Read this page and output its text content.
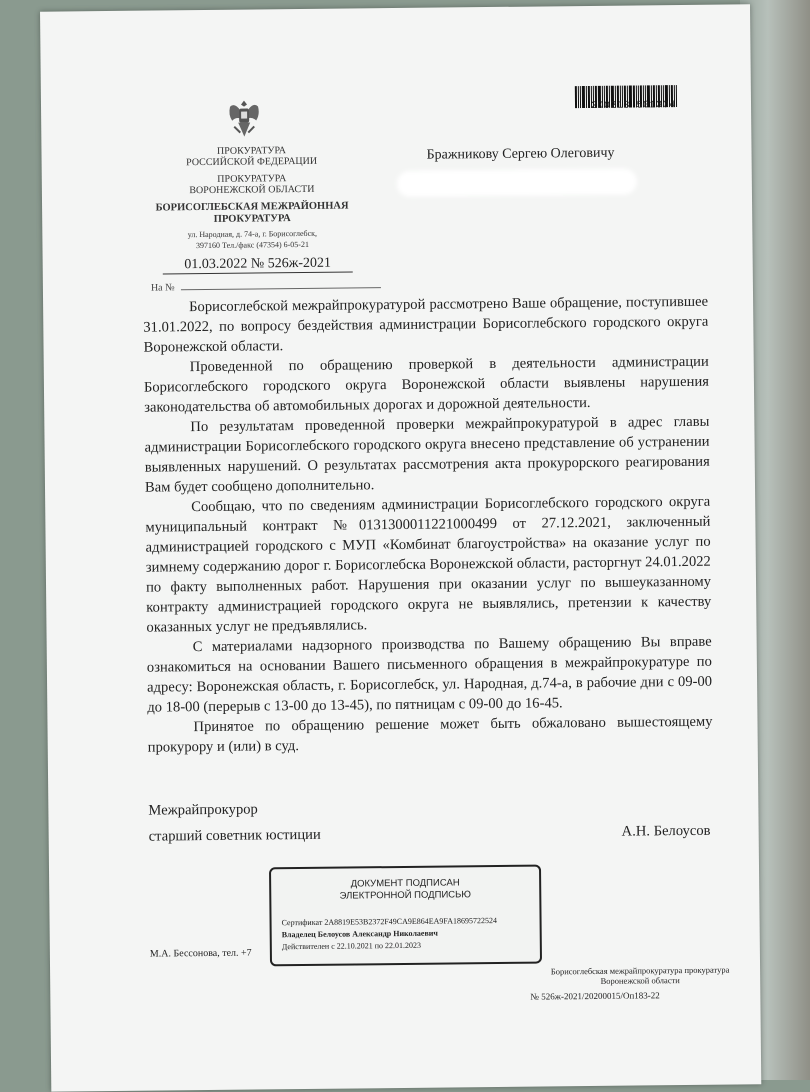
200213 501304
ПРОКУРАТУРА
РОССИЙСКОЙ ФЕДЕРАЦИИ
ПРОКУРАТУРА
ВОРОНЕЖСКОЙ ОБЛАСТИ
БОРИСОГЛЕБСКАЯ МЕЖРАЙОННАЯ
ПРОКУРАТУРА
ул. Народная, д. 74-а, г. Борисоглебск,
397160 Тел./факс (47354) 6-05-21
01.03.2022 № 526ж-2021
На №
Бражникову Сергею Олеговичу

Борисоглебской межрайпрокуратурой рассмотрено Ваше обращение, поступившее 31.01.2022, по вопросу бездействия администрации Борисоглебского городского округа Воронежской области.

Проведенной по обращению проверкой в деятельности администрации Борисоглебского городского округа Воронежской области выявлены нарушения законодательства об автомобильных дорогах и дорожной деятельности.

По результатам проведенной проверки межрайпрокуратурой в адрес главы администрации Борисоглебского городского округа внесено представление об устранении выявленных нарушений. О результатах рассмотрения акта прокурорского реагирования Вам будет сообщено дополнительно.

Сообщаю, что по сведениям администрации Борисоглебского городского округа муниципальный контракт №0131300011221000499 от 27.12.2021, заключенный администрацией городского с МУП «Комбинат благоустройства» на оказание услуг по зимнему содержанию дорог г. Борисоглебска Воронежской области, расторгнут 24.01.2022 по факту выполненных работ. Нарушения при оказании услуг по вышеуказанному контракту администрацией городского округа не выявлялись, претензии к качеству оказанных услуг не предъявлялись.

С материалами надзорного производства по Вашему обращению Вы вправе ознакомиться на основании Вашего письменного обращения в межрайпрокуратуре по адресу: Воронежская область, г. Борисоглебск, ул. Народная, д.74-а, в рабочие дни с 09-00 до 18-00 (перерыв с 13-00 до 13-45), по пятницам с 09-00 до 16-45.

Принятое по обращению решение может быть обжаловано вышестоящему прокурору и (или) в суд.

Межрайпрокурор
старший советник юстиции	А.Н. Белоусов
ДОКУМЕНТ ПОДПИСАН
ЭЛЕКТРОННОЙ ПОДПИСЬЮ
Сертификат 2A8819E53B2372F49CA9E864EA9FA18695722524
Владелец Белоусов Александр Николаевич
Действителен с 22.10.2021 по 22.01.2023
М.А. Бессонова, тел. +7
Борисоглебская межрайпрокуратура прокуратура
Воронежской области
№ 526ж-2021/20200015/Оп183-22
